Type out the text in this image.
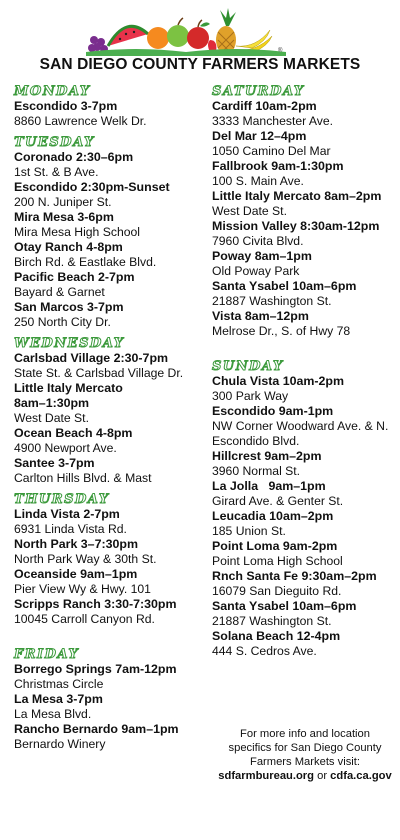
®
SAN DIEGO COUNTY FARMERS MARKETS
MONDAY
Escondido 3-7pm
8860 Lawrence Welk Dr.
TUESDAY
Coronado 2:30–6pm
1st St. & B Ave.
Escondido 2:30pm-Sunset
200 N. Juniper St.
Mira Mesa 3-6pm
Mira Mesa High School
Otay Ranch 4-8pm
Birch Rd. & Eastlake Blvd.
Pacific Beach 2-7pm
Bayard & Garnet
San Marcos 3-7pm
250 North City Dr.
WEDNESDAY
Carlsbad Village 2:30-7pm
State St. & Carlsbad Village Dr.
Little Italy Mercato
8am–1:30pm
West Date St.
Ocean Beach 4-8pm
4900 Newport Ave.
Santee 3-7pm
Carlton Hills Blvd. & Mast
THURSDAY
Linda Vista 2-7pm
6931 Linda Vista Rd.
North Park 3–7:30pm
North Park Way & 30th St.
Oceanside 9am–1pm
Pier View Wy & Hwy. 101
Scripps Ranch 3:30-7:30pm
10045 Carroll Canyon Rd.
FRIDAY
Borrego Springs 7am-12pm
Christmas Circle
La Mesa 3-7pm
La Mesa Blvd.
Rancho Bernardo 9am–1pm
Bernardo Winery
SATURDAY
Cardiff 10am-2pm
3333 Manchester Ave.
Del Mar 12–4pm
1050 Camino Del Mar
Fallbrook 9am-1:30pm
100 S. Main Ave.
Little Italy Mercato 8am–2pm
West Date St.
Mission Valley 8:30am-12pm
7960 Civita Blvd.
Poway 8am–1pm
Old Poway Park
Santa Ysabel 10am–6pm
21887 Washington St.
Vista 8am–12pm
Melrose Dr., S. of Hwy 78
SUNDAY
Chula Vista 10am-2pm
300 Park Way
Escondido 9am-1pm
NW Corner Woodward Ave. & N.
Escondido Blvd.
Hillcrest 9am–2pm
3960 Normal St.
La Jolla   9am–1pm
Girard Ave. & Genter St.
Leucadia 10am–2pm
185 Union St.
Point Loma 9am-2pm
Point Loma High School
Rnch Santa Fe 9:30am–2pm
16079 San Dieguito Rd.
Santa Ysabel 10am–6pm
21887 Washington St.
Solana Beach 12-4pm
444 S. Cedros Ave.
For more info and location
specifics for San Diego County
Farmers Markets visit:
sdfarmbureau.org or cdfa.ca.gov
